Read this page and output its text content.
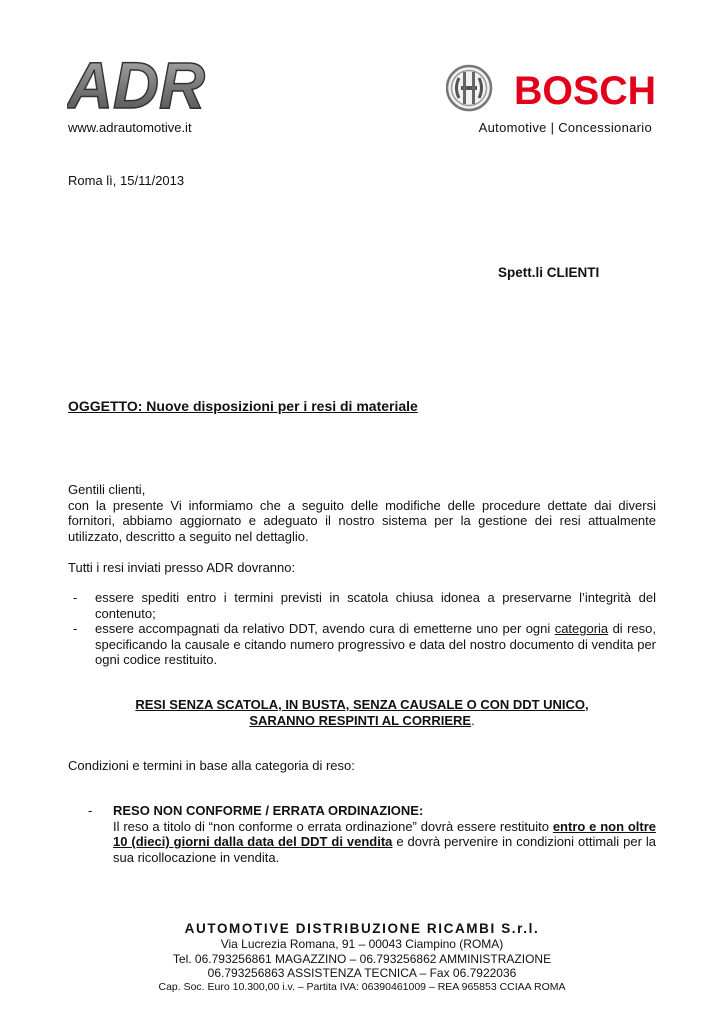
ADR	BOSCH
www.adrautomotive.it	Automotive | Concessionario
Roma lì, 15/11/2013
Spett.li CLIENTI
OGGETTO: Nuove disposizioni per i resi di materiale

Gentili clienti,

con la presente Vi informiamo che a seguito delle modifiche delle procedure dettate dai diversi fornitori, abbiamo aggiornato e adeguato il nostro sistema per la gestione dei resi attualmente utilizzato, descritto a seguito nel dettaglio.

Tutti i resi inviati presso ADR dovranno:
- essere spediti entro i termini previsti in scatola chiusa idonea a preservarne l’integrità del contenuto;
- essere accompagnati da relativo DDT, avendo cura di emetterne uno per ogni categoria di reso, specificando la causale e citando numero progressivo e data del nostro documento di vendita per ogni codice restituito.
RESI SENZA SCATOLA, IN BUSTA, SENZA CAUSALE O CON DDT UNICO,
SARANNO RESPINTI AL CORRIERE.
Condizioni e termini in base alla categoria di reso:
- RESO NON CONFORME / ERRATA ORDINAZIONE:
Il reso a titolo di “non conforme o errata ordinazione” dovrà essere restituito entro e non oltre 10 (dieci) giorni dalla data del DDT di vendita e dovrà pervenire in condizioni ottimali per la sua ricollocazione in vendita.
AUTOMOTIVE DISTRIBUZIONE RICAMBI S.r.l.
Via Lucrezia Romana, 91 – 00043 Ciampino (ROMA)
Tel. 06.793256861 MAGAZZINO – 06.793256862 AMMINISTRAZIONE
06.793256863 ASSISTENZA TECNICA – Fax 06.7922036
Cap. Soc. Euro 10.300,00 i.v. – Partita IVA: 06390461009 – REA 965853 CCIAA ROMA
